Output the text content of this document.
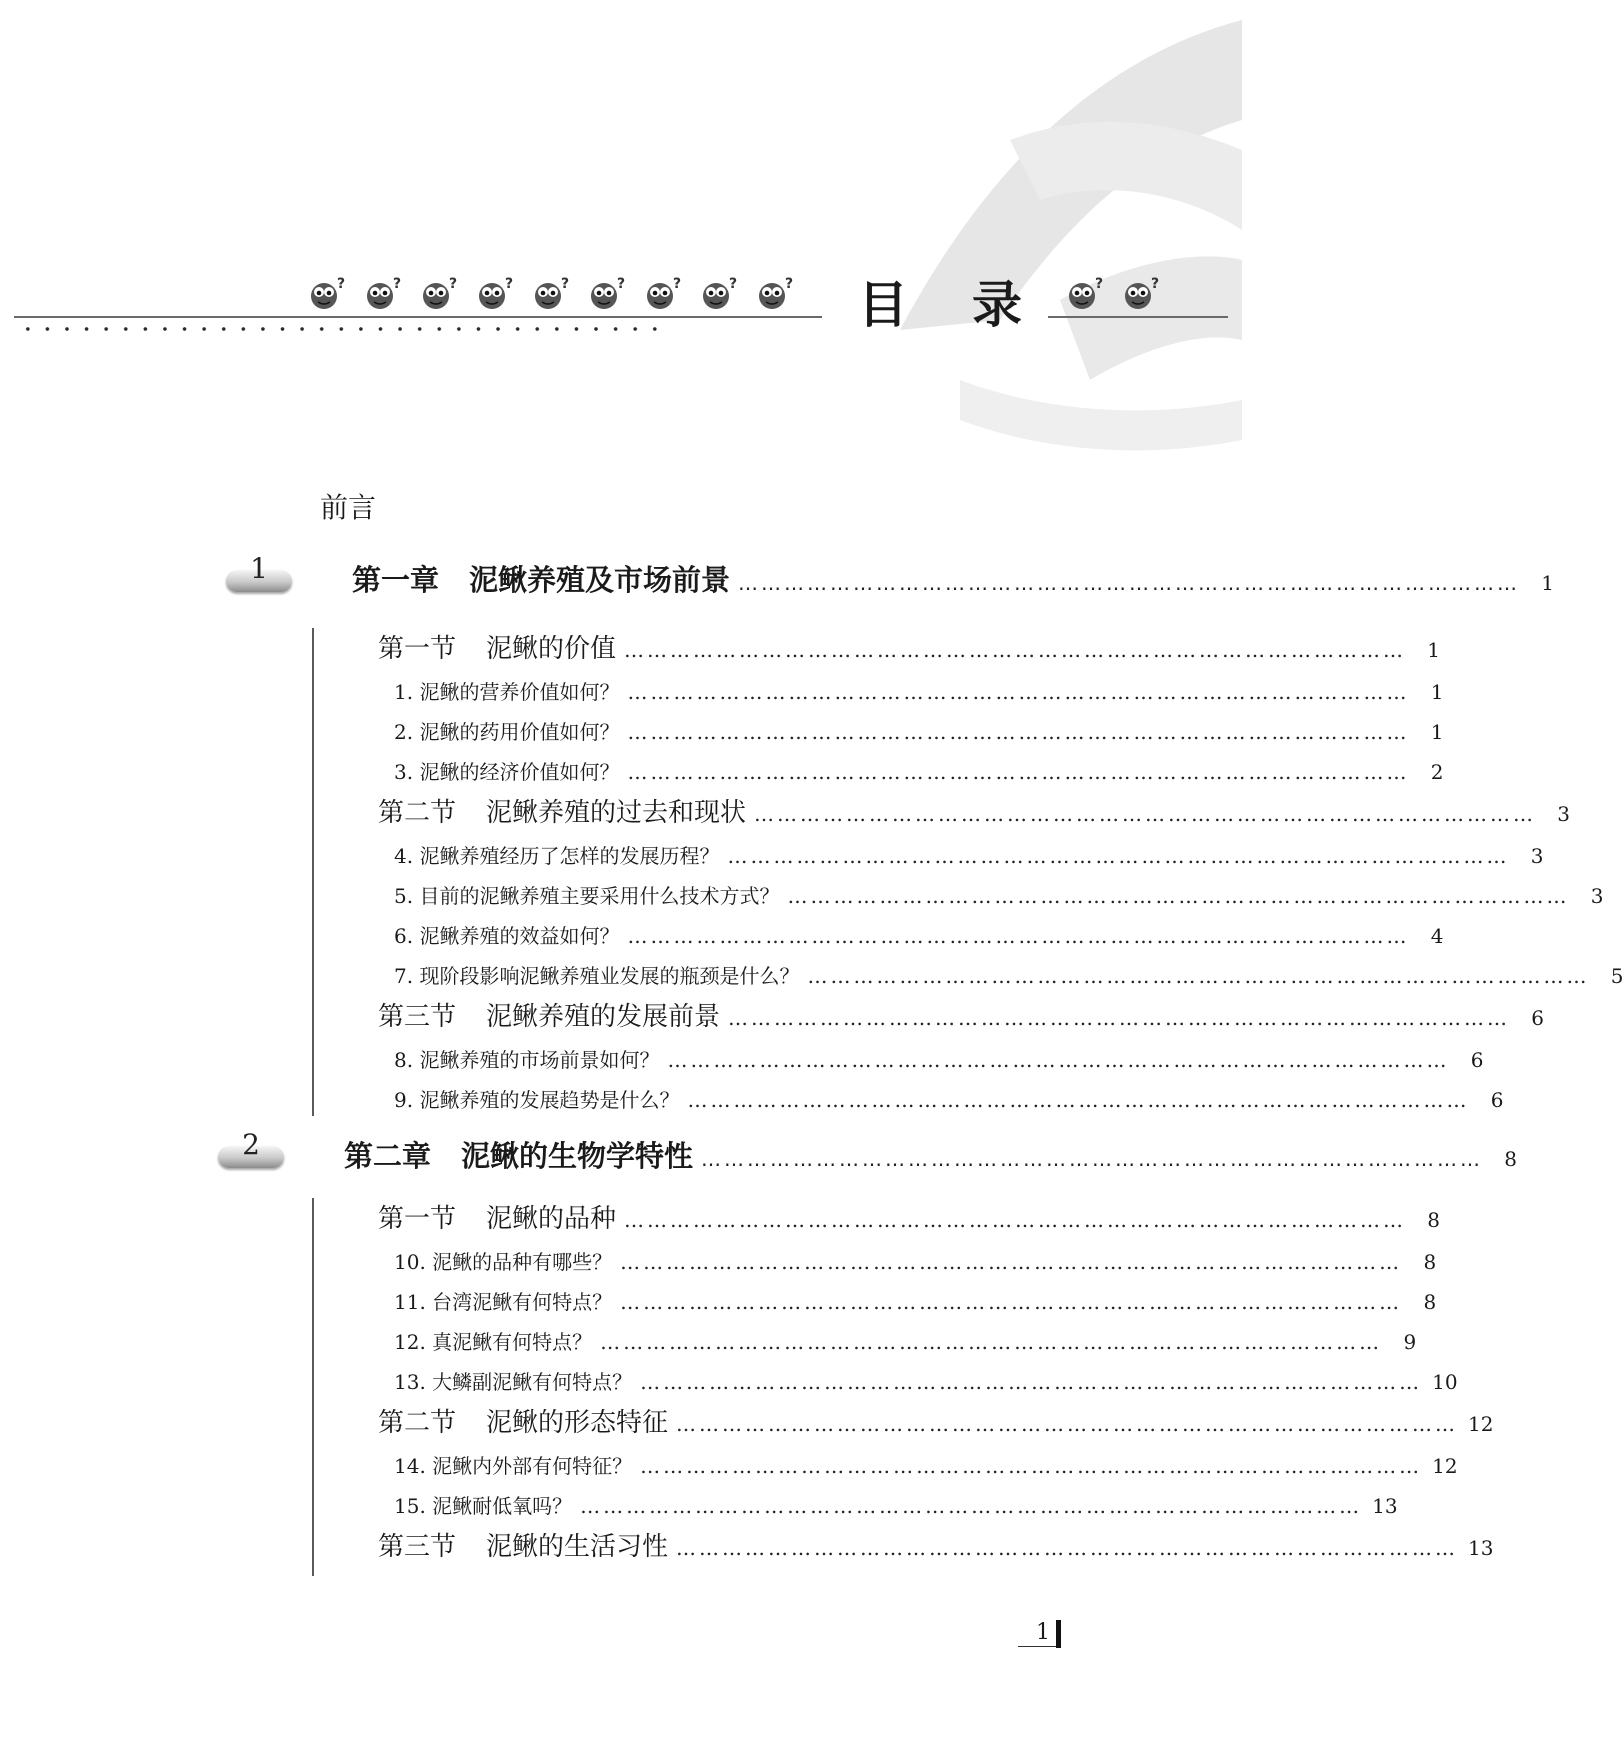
目 录
前言
1	第一章 泥鳅养殖及市场前景 …………………………………………………………………………………………	1
第一节 泥鳅的价值 …………………………………………………………………………………………	1
1. 泥鳅的营养价值如何？ …………………………………………………………………………………………	1
2. 泥鳅的药用价值如何？ …………………………………………………………………………………………	1
3. 泥鳅的经济价值如何？ …………………………………………………………………………………………	2
第二节 泥鳅养殖的过去和现状 …………………………………………………………………………………………	3
4. 泥鳅养殖经历了怎样的发展历程？ …………………………………………………………………………………………	3
5. 目前的泥鳅养殖主要采用什么技术方式？ …………………………………………………………………………………………	3
6. 泥鳅养殖的效益如何？ …………………………………………………………………………………………	4
7. 现阶段影响泥鳅养殖业发展的瓶颈是什么？ …………………………………………………………………………………………	5
第三节 泥鳅养殖的发展前景 …………………………………………………………………………………………	6
8. 泥鳅养殖的市场前景如何？ …………………………………………………………………………………………	6
9. 泥鳅养殖的发展趋势是什么？ …………………………………………………………………………………………	6
2	第二章 泥鳅的生物学特性 …………………………………………………………………………………………	8
第一节 泥鳅的品种 …………………………………………………………………………………………	8
10. 泥鳅的品种有哪些？ …………………………………………………………………………………………	8
11. 台湾泥鳅有何特点？ …………………………………………………………………………………………	8
12. 真泥鳅有何特点？ …………………………………………………………………………………………	9
13. 大鳞副泥鳅有何特点？ ………………………………………………………………………………………… 10
第二节 泥鳅的形态特征 ………………………………………………………………………………………… 12
14. 泥鳅内外部有何特征？ ………………………………………………………………………………………… 12
15. 泥鳅耐低氧吗？ ………………………………………………………………………………………… 13
第三节 泥鳅的生活习性 ………………………………………………………………………………………… 13
1
